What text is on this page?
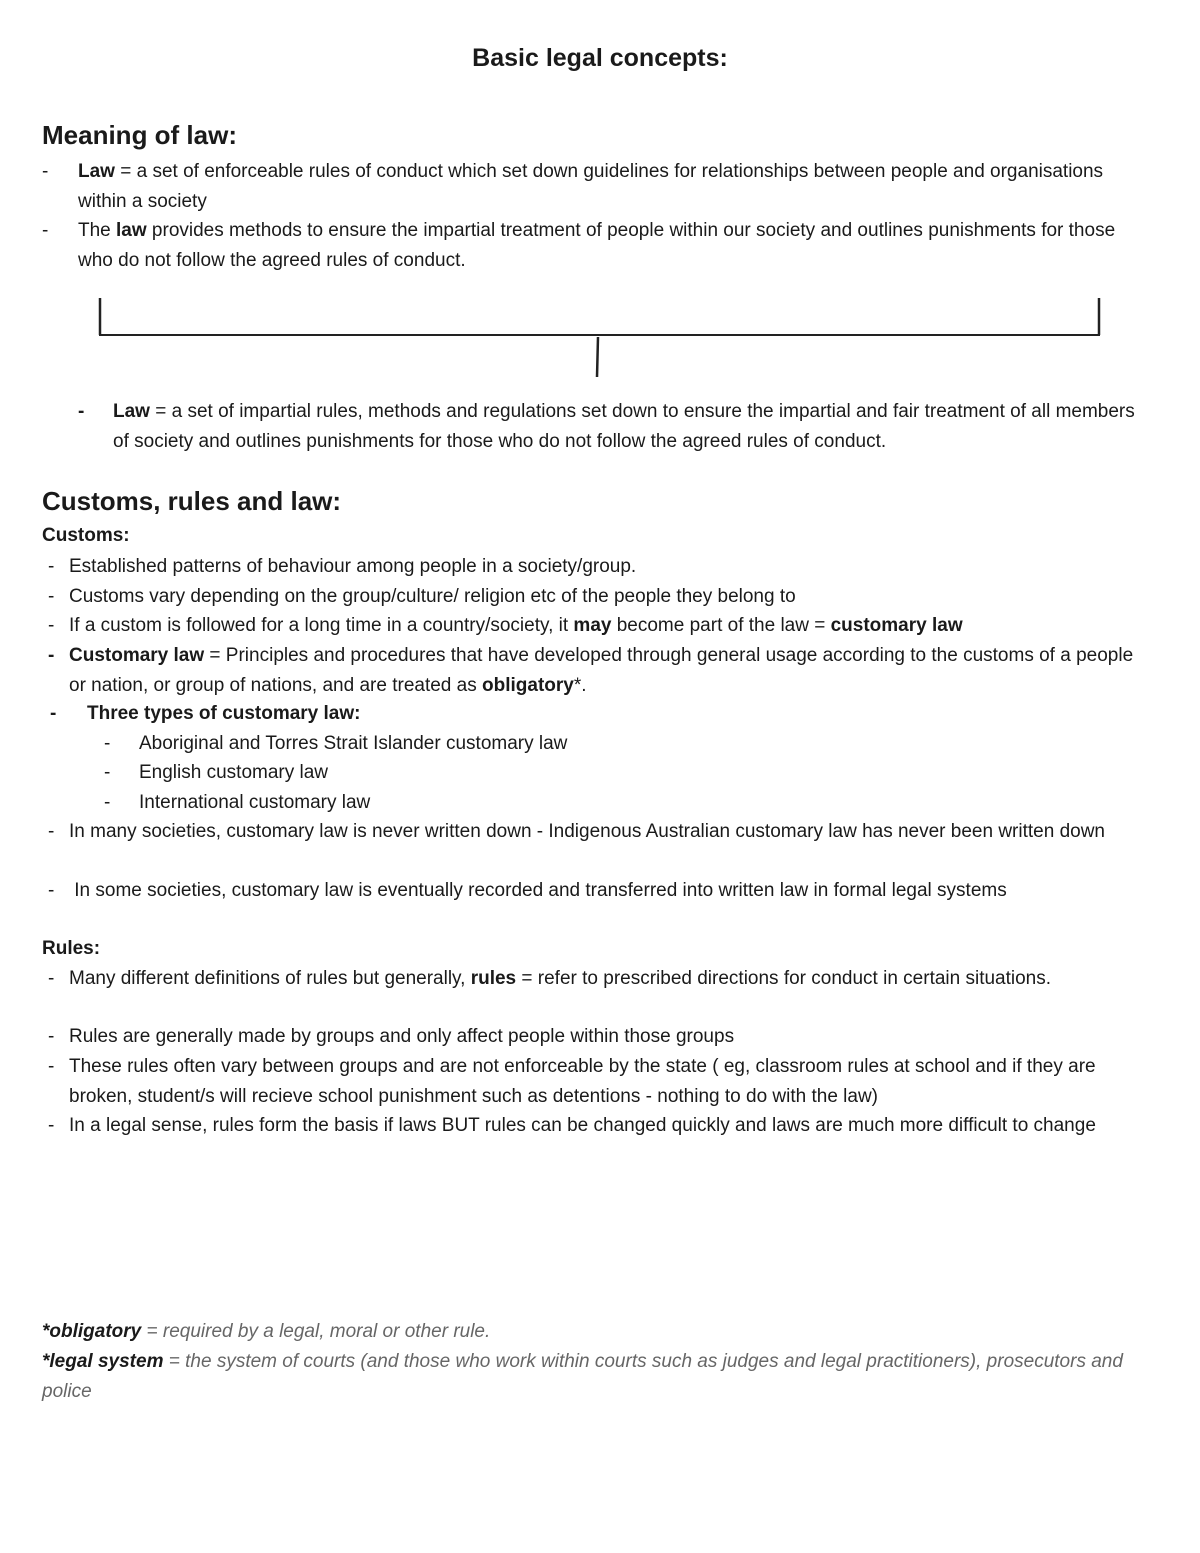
Basic legal concepts:
Meaning of law:
- Law = a set of enforceable rules of conduct which set down guidelines for relationships between people and organisations within a society
- The law provides methods to ensure the impartial treatment of people within our society and outlines punishments for those who do not follow the agreed rules of conduct.
- Law = a set of impartial rules, methods and regulations set down to ensure the impartial and fair treatment of all members of society and outlines punishments for those who do not follow the agreed rules of conduct.
Customs, rules and law:
Customs:
- Established patterns of behaviour among people in a society/group.
- Customs vary depending on the group/culture/ religion etc of the people they belong to
- If a custom is followed for a long time in a country/society, it may become part of the law = customary law
- Customary law = Principles and procedures that have developed through general usage according to the customs of a people or nation, or group of nations, and are treated as obligatory*.
- Three types of customary law:
- Aboriginal and Torres Strait Islander customary law
- English customary law
- International customary law
- In many societies, customary law is never written down - Indigenous Australian customary law has never been written down
- In some societies, customary law is eventually recorded and transferred into written law in formal legal systems
Rules:
- Many different definitions of rules but generally, rules = refer to prescribed directions for conduct in certain situations.
- Rules are generally made by groups and only affect people within those groups
- These rules often vary between groups and are not enforceable by the state ( eg, classroom rules at school and if they are broken, student/s will recieve school punishment such as detentions - nothing to do with the law)
- In a legal sense, rules form the basis if laws BUT rules can be changed quickly and laws are much more difficult to change

*obligatory = required by a legal, moral or other rule.

*legal system = the system of courts (and those who work within courts such as judges and legal practitioners), prosecutors and police
